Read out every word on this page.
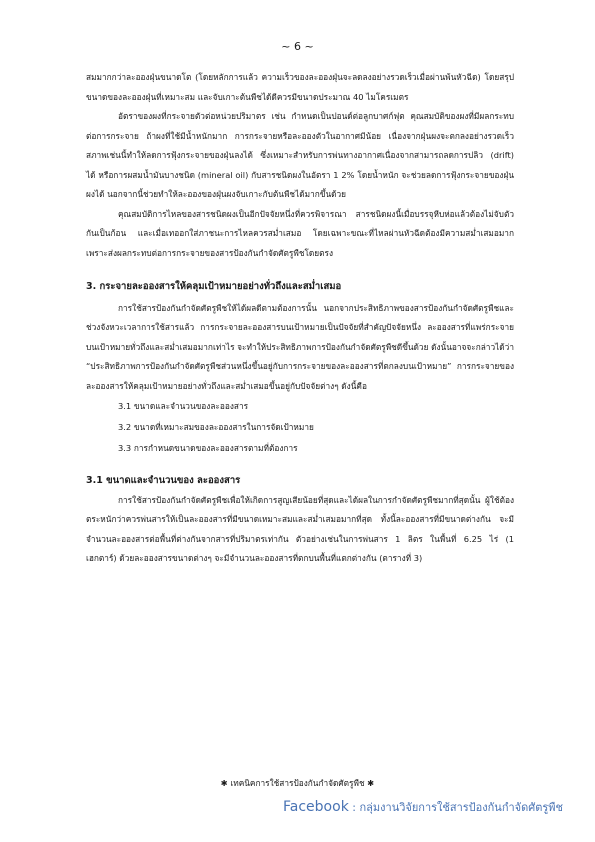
~ 6 ~

สมมากกว่าละอองฝุ่นขนาดโต (โดยหลักการแล้ว ความเร็วของละอองฝุ่นจะลดลงอย่างรวดเร็วเมื่อผ่านพ้นหัวฉีด) โดยสรุปขนาดของละอองฝุ่นที่เหมาะสม และจับเกาะต้นพืชได้ดีควรมีขนาดประมาณ 40 ไมโครเมตร

อัตราของผงที่กระจายตัวต่อหน่วยปริมาตร เช่น กำหนดเป็นปอนด์ต่อลูกบาศก์ฟุต คุณสมบัติของผงที่มีผลกระทบต่อการกระจาย ถ้าผงที่ใช้มีน้ำหนักมาก การกระจายหรือละอองตัวในอากาศมีน้อย เนื่องจากฝุ่นผงจะตกลงอย่างรวดเร็ว สภาพเช่นนี้ทำให้ลดการฟุ้งกระจายของฝุ่นลงได้ ซึ่งเหมาะสำหรับการพ่นทางอากาศเนื่องจากสามารถลดการปลิว (drift) ได้ หรือการผสมน้ำมันบางชนิด (mineral oil) กับสารชนิดผงในอัตรา 1 2% โดยน้ำหนัก จะช่วยลดการฟุ้งกระจายของฝุ่นผงได้ นอกจากนี้ช่วยทำให้ละอองของฝุ่นผงจับเกาะกับต้นพืชได้มากขึ้นด้วย

คุณสมบัติการไหลของสารชนิดผงเป็นอีกปัจจัยหนึ่งที่ควรพิจารณา สารชนิดผงนี้เมื่อบรรจุหีบห่อแล้วต้องไม่จับตัวกันเป็นก้อน และเมื่อเทออกใส่ภาชนะการไหลควรสม่ำเสมอ โดยเฉพาะขณะที่ไหลผ่านหัวฉีดต้องมีความสม่ำเสมอมาก เพราะส่งผลกระทบต่อการกระจายของสารป้องกันกำจัดศัตรูพืชโดยตรง

3. กระจายละอองสารให้คลุมเป้าหมายอย่างทั่วถึงและสม่ำเสมอ

การใช้สารป้องกันกำจัดศัตรูพืชให้ได้ผลดีตามต้องการนั้น นอกจากประสิทธิภาพของสารป้องกันกำจัดศัตรูพืชและช่วงจังหวะเวลาการใช้สารแล้ว การกระจายละอองสารบนเป้าหมายเป็นปัจจัยที่สำคัญปัจจัยหนึ่ง ละอองสารที่แพร่กระจายบนเป้าหมายทั่วถึงและสม่ำเสมอมากเท่าไร จะทำให้ประสิทธิภาพการป้องกันกำจัดศัตรูพืชดีขึ้นด้วย ดังนั้นอาจจะกล่าวได้ว่า “ประสิทธิภาพการป้องกันกำจัดศัตรูพืชส่วนหนึ่งขึ้นอยู่กับการกระจายของละอองสารที่ตกลงบนเป้าหมาย” การกระจายของละอองสารให้คลุมเป้าหมายอย่างทั่วถึงและสม่ำเสมอขึ้นอยู่กับปัจจัยต่างๆ ดังนี้คือ

3.1 ขนาดและจำนวนของละอองสาร

3.2 ขนาดที่เหมาะสมของละอองสารในการจัดเป้าหมาย

3.3 การกำหนดขนาดของละอองสารตามที่ต้องการ

3.1 ขนาดและจำนวนของ ละอองสาร

การใช้สารป้องกันกำจัดศัตรูพืชเพื่อให้เกิดการสูญเสียน้อยที่สุดและได้ผลในการกำจัดศัตรูพืชมากที่สุดนั้น ผู้ใช้ต้องตระหนักว่าควรพ่นสารให้เป็นละอองสารที่มีขนาดเหมาะสมและสม่ำเสมอมากที่สุด ทั้งนี้ละอองสารที่มีขนาดต่างกัน จะมีจำนวนละอองสารต่อพื้นที่ต่างกันจากสารที่ปริมาตรเท่ากัน ตัวอย่างเช่นในการพ่นสาร 1 ลิตร ในพื้นที่ 6.25 ไร่ (1 เฮกตาร์) ด้วยละอองสารขนาดต่างๆ จะมีจำนวนละอองสารที่ตกบนพื้นที่แตกต่างกัน (ตารางที่ 3)

✱ เทคนิคการใช้สารป้องกันกำจัดศัตรูพืช ✱
Facebook : กลุ่มงานวิจัยการใช้สารป้องกันกำจัดศัตรูพืช
